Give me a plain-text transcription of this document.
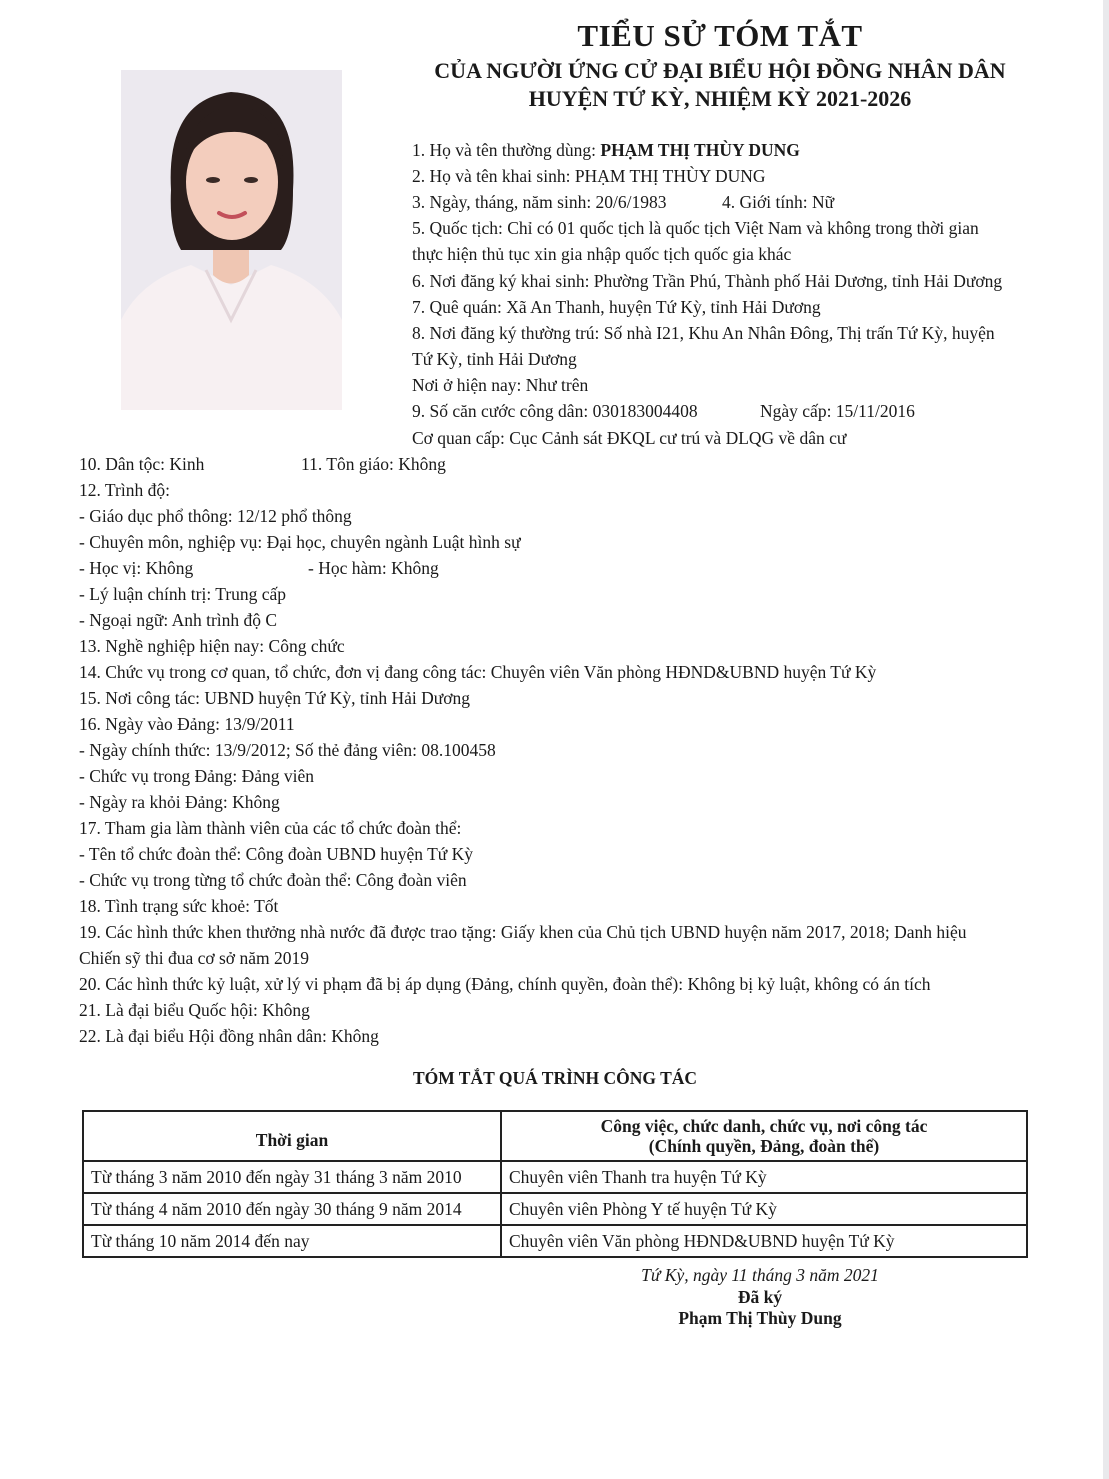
TIỂU SỬ TÓM TẮT
CỦA NGƯỜI ỨNG CỬ ĐẠI BIỂU HỘI ĐỒNG NHÂN DÂN
HUYỆN TỨ KỲ, NHIỆM KỲ 2021-2026
1. Họ và tên thường dùng: PHẠM THỊ THÙY DUNG
2. Họ và tên khai sinh: PHẠM THỊ THÙY DUNG
3. Ngày, tháng, năm sinh: 20/6/1983	4. Giới tính: Nữ
5. Quốc tịch: Chỉ có 01 quốc tịch là quốc tịch Việt Nam và không trong thời gian
thực hiện thủ tục xin gia nhập quốc tịch quốc gia khác
6. Nơi đăng ký khai sinh: Phường Trần Phú, Thành phố Hải Dương, tỉnh Hải Dương
7. Quê quán: Xã An Thanh, huyện Tứ Kỳ, tỉnh Hải Dương
8. Nơi đăng ký thường trú: Số nhà I21, Khu An Nhân Đông, Thị trấn Tứ Kỳ, huyện
Tứ Kỳ, tỉnh Hải Dương
Nơi ở hiện nay: Như trên
9. Số căn cước công dân: 030183004408	Ngày cấp: 15/11/2016
Cơ quan cấp: Cục Cảnh sát ĐKQL cư trú và DLQG về dân cư
10. Dân tộc: Kinh	11. Tôn giáo: Không
12. Trình độ:
- Giáo dục phổ thông: 12/12 phổ thông
- Chuyên môn, nghiệp vụ: Đại học, chuyên ngành Luật hình sự
- Học vị: Không	- Học hàm: Không
- Lý luận chính trị: Trung cấp
- Ngoại ngữ: Anh trình độ C
13. Nghề nghiệp hiện nay: Công chức
14. Chức vụ trong cơ quan, tổ chức, đơn vị đang công tác: Chuyên viên Văn phòng HĐND&UBND huyện Tứ Kỳ
15. Nơi công tác: UBND huyện Tứ Kỳ, tỉnh Hải Dương
16. Ngày vào Đảng: 13/9/2011
- Ngày chính thức: 13/9/2012; Số thẻ đảng viên: 08.100458
- Chức vụ trong Đảng: Đảng viên
- Ngày ra khỏi Đảng: Không
17. Tham gia làm thành viên của các tổ chức đoàn thể:
- Tên tổ chức đoàn thể: Công đoàn UBND huyện Tứ Kỳ
- Chức vụ trong từng tổ chức đoàn thể: Công đoàn viên
18. Tình trạng sức khoẻ: Tốt
19. Các hình thức khen thưởng nhà nước đã được trao tặng: Giấy khen của Chủ tịch UBND huyện năm 2017, 2018; Danh hiệu
Chiến sỹ thi đua cơ sở năm 2019
20. Các hình thức kỷ luật, xử lý vi phạm đã bị áp dụng (Đảng, chính quyền, đoàn thể): Không bị kỷ luật, không có án tích
21. Là đại biểu Quốc hội: Không
22. Là đại biểu Hội đồng nhân dân: Không
TÓM TẮT QUÁ TRÌNH CÔNG TÁC
Thời gian	Công việc, chức danh, chức vụ, nơi công tác
(Chính quyền, Đảng, đoàn thể)

Từ tháng 3 năm 2010 đến ngày 31 tháng 3 năm 2010	Chuyên viên Thanh tra huyện Tứ Kỳ
Từ tháng 4 năm 2010 đến ngày 30 tháng 9 năm 2014	Chuyên viên Phòng Y tế huyện Tứ Kỳ
Từ tháng 10 năm 2014 đến nay	Chuyên viên Văn phòng HĐND&UBND huyện Tứ Kỳ
Tứ Kỳ, ngày 11 tháng 3 năm 2021
Đã ký
Phạm Thị Thùy Dung
